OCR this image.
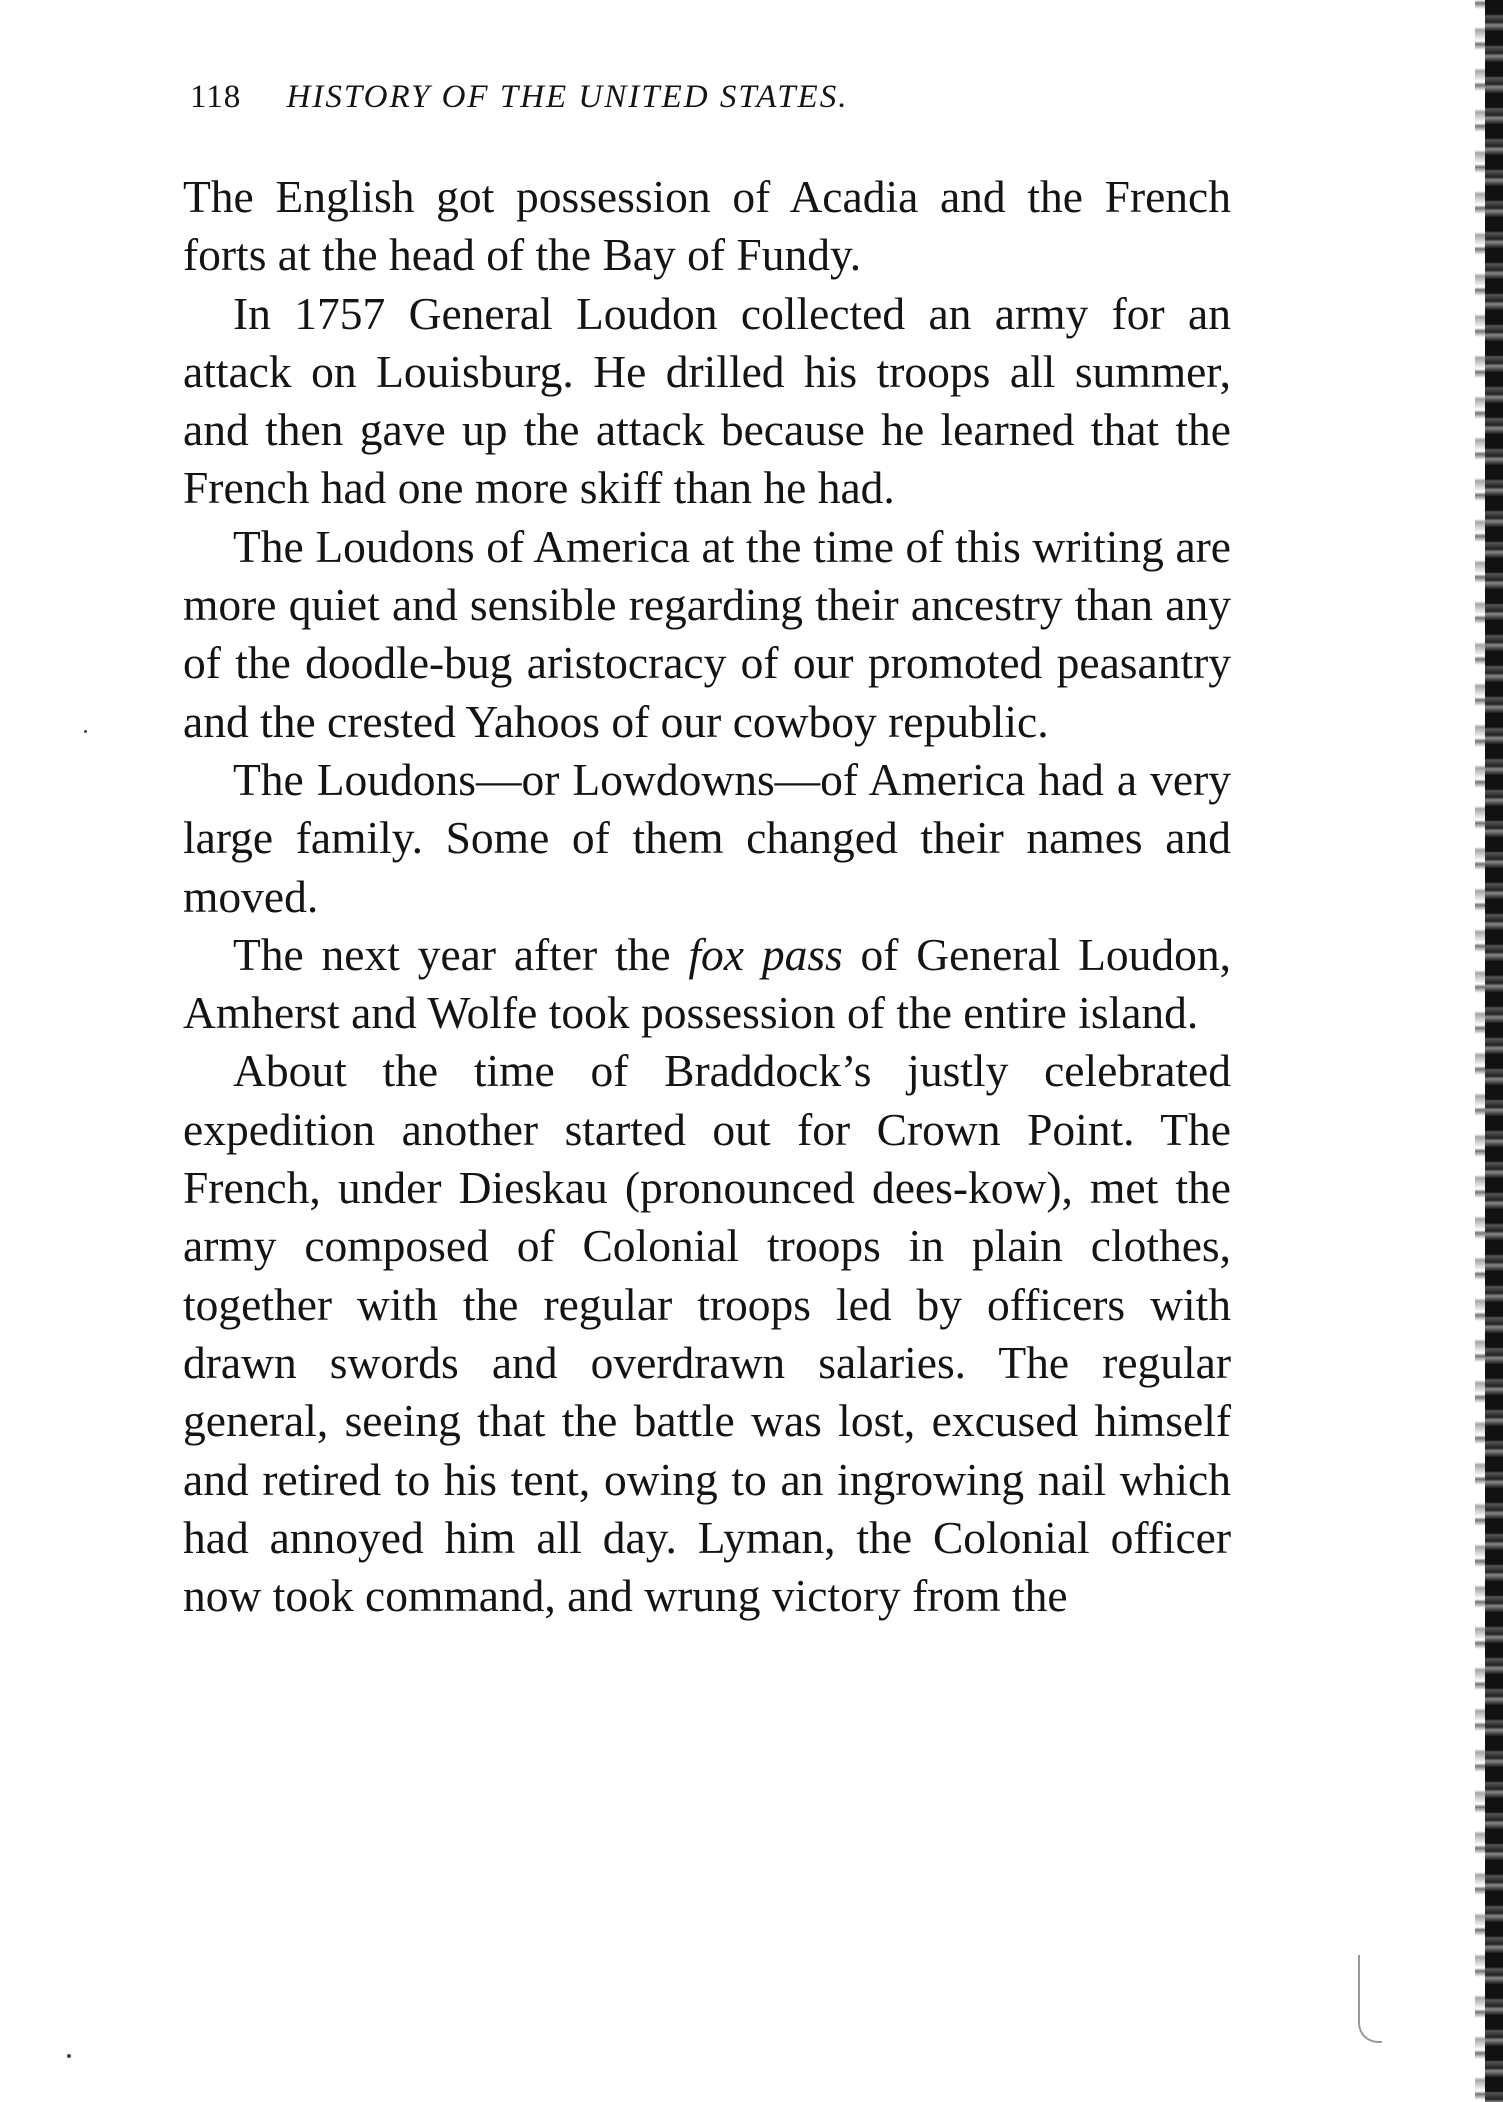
118 HISTORY OF THE UNITED STATES.

The English got possession of Acadia and the French forts at the head of the Bay of Fundy.

In 1757 General Loudon collected an army for an attack on Louisburg. He drilled his troops all summer, and then gave up the attack because he learned that the French had one more skiff than he had.

The Loudons of America at the time of this writing are more quiet and sensible regarding their ancestry than any of the doodle-bug aristocracy of our promoted peasantry and the crested Yahoos of our cowboy republic.

The Loudons—or Lowdowns—of America had a very large family. Some of them changed their names and moved.

The next year after the fox pass of General Loudon, Amherst and Wolfe took possession of the entire island.

About the time of Braddock’s justly celebrated expedition another started out for Crown Point. The French, under Dieskau (pronounced dees-kow), met the army composed of Colonial troops in plain clothes, together with the regular troops led by officers with drawn swords and overdrawn salaries. The regular general, seeing that the battle was lost, excused himself and retired to his tent, owing to an ingrowing nail which had annoyed him all day. Lyman, the Colonial officer now took command, and wrung victory from the
